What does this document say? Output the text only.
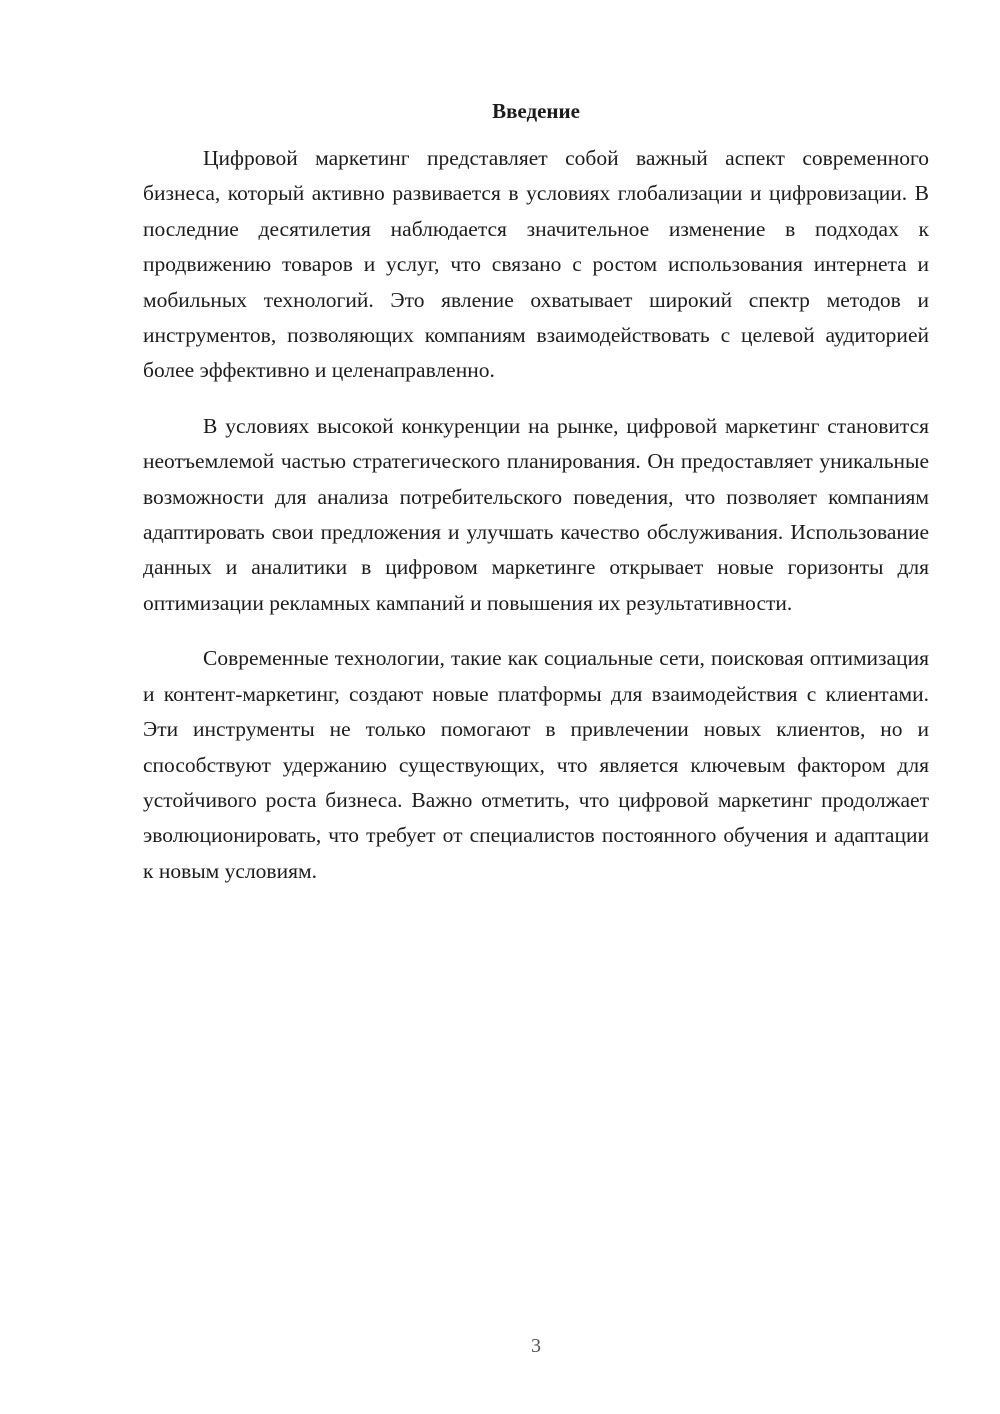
Введение

Цифровой маркетинг представляет собой важный аспект современного бизнеса, который активно развивается в условиях глобализации и цифровизации. В последние десятилетия наблюдается значительное изменение в подходах к продвижению товаров и услуг, что связано с ростом использования интернета и мобильных технологий. Это явление охватывает широкий спектр методов и инструментов, позволяющих компаниям взаимодействовать с целевой аудиторией более эффективно и целенаправленно.

В условиях высокой конкуренции на рынке, цифровой маркетинг становится неотъемлемой частью стратегического планирования. Он предоставляет уникальные возможности для анализа потребительского поведения, что позволяет компаниям адаптировать свои предложения и улучшать качество обслуживания. Использование данных и аналитики в цифровом маркетинге открывает новые горизонты для оптимизации рекламных кампаний и повышения их результативности.

Современные технологии, такие как социальные сети, поисковая оптимизация и контент-маркетинг, создают новые платформы для взаимодействия с клиентами. Эти инструменты не только помогают в привлечении новых клиентов, но и способствуют удержанию существующих, что является ключевым фактором для устойчивого роста бизнеса. Важно отметить, что цифровой маркетинг продолжает эволюционировать, что требует от специалистов постоянного обучения и адаптации к новым условиям.

3
